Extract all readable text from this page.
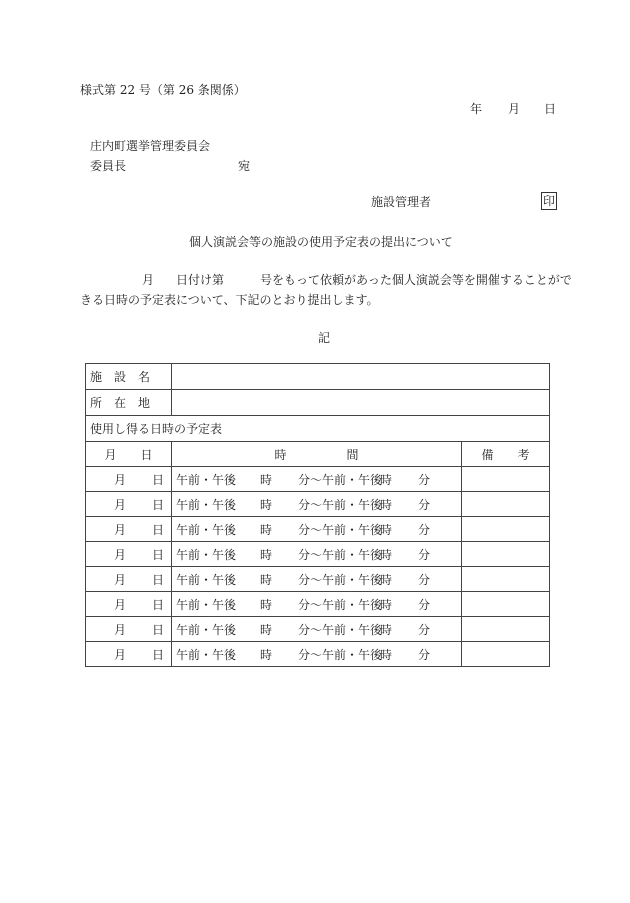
様式第 22 号（第 26 条関係）
年 月 日
庄内町選挙管理委員会
委員長	宛
施設管理者	印
個人演説会等の施設の使用予定表の提出について
月 日付け第	号をもって依頼があった個人演説会等を開催することがで
きる日時の予定表について、下記のとおり提出します。
記
施設名		
所在地		
使用し得る日時の予定表		
月　　日	時　　　　　間	備　　考
月 日	午前・午後 時 分～午前・午後時 分	
月 日	午前・午後 時 分～午前・午後時 分	
月 日	午前・午後 時 分～午前・午後時 分	
月 日	午前・午後 時 分～午前・午後時 分	
月 日	午前・午後 時 分～午前・午後時 分	
月 日	午前・午後 時 分～午前・午後時 分	
月 日	午前・午後 時 分～午前・午後時 分	
月 日	午前・午後 時 分～午前・午後時 分	
